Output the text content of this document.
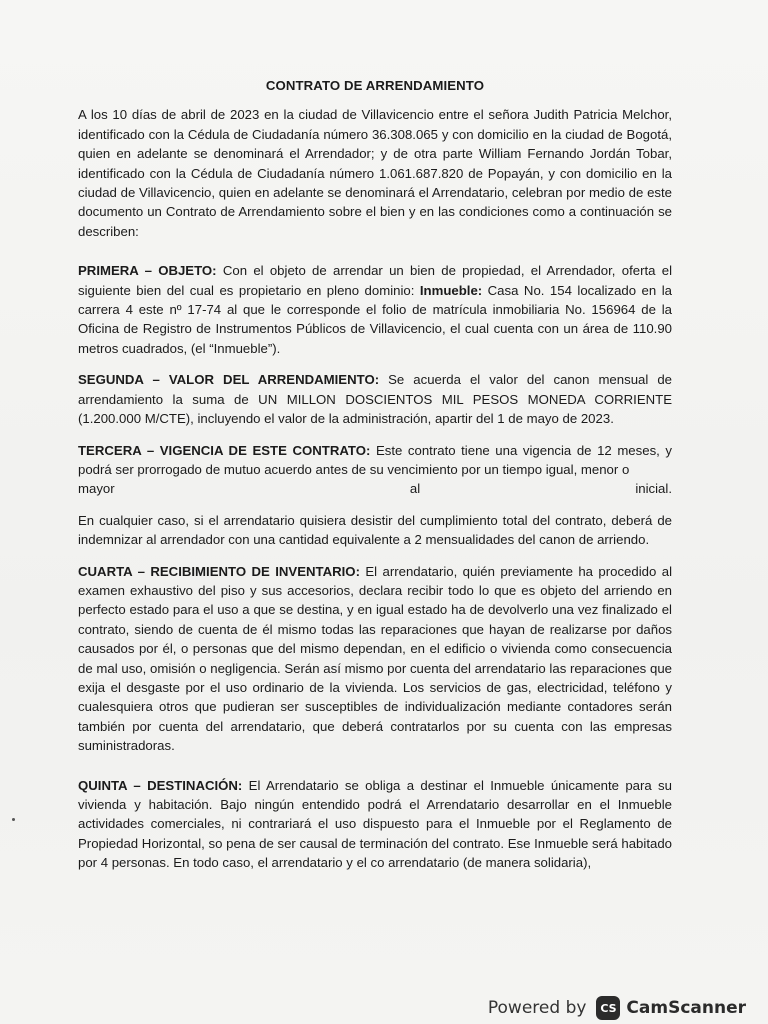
CONTRATO DE ARRENDAMIENTO

A los 10 días de abril de 2023 en la ciudad de Villavicencio entre el señora Judith Patricia Melchor, identificado con la Cédula de Ciudadanía número 36.308.065 y con domicilio en la ciudad de Bogotá, quien en adelante se denominará el Arrendador; y de otra parte William Fernando Jordán Tobar, identificado con la Cédula de Ciudadanía número 1.061.687.820 de Popayán, y con domicilio en la ciudad de Villavicencio, quien en adelante se denominará el Arrendatario, celebran por medio de este documento un Contrato de Arrendamiento sobre el bien y en las condiciones como a continuación se describen:

PRIMERA – OBJETO: Con el objeto de arrendar un bien de propiedad, el Arrendador, oferta el siguiente bien del cual es propietario en pleno dominio: Inmueble: Casa No. 154 localizado en la carrera 4 este nº 17-74 al que le corresponde el folio de matrícula inmobiliaria No. 156964 de la Oficina de Registro de Instrumentos Públicos de Villavicencio, el cual cuenta con un área de 110.90 metros cuadrados, (el “Inmueble”).

SEGUNDA – VALOR DEL ARRENDAMIENTO: Se acuerda el valor del canon mensual de arrendamiento la suma de UN MILLON DOSCIENTOS MIL PESOS MONEDA CORRIENTE (1.200.000 M/CTE), incluyendo el valor de la administración, apartir del 1 de mayo de 2023.

TERCERA – VIGENCIA DE ESTE CONTRATO: Este contrato tiene una vigencia de 12 meses, y podrá ser prorrogado de mutuo acuerdo antes de su vencimiento por un tiempo igual, menor o

mayor	al	inicial.

En cualquier caso, si el arrendatario quisiera desistir del cumplimiento total del contrato, deberá de indemnizar al arrendador con una cantidad equivalente a 2 mensualidades del canon de arriendo.

CUARTA – RECIBIMIENTO DE INVENTARIO: El arrendatario, quién previamente ha procedido al examen exhaustivo del piso y sus accesorios, declara recibir todo lo que es objeto del arriendo en perfecto estado para el uso a que se destina, y en igual estado ha de devolverlo una vez finalizado el contrato, siendo de cuenta de él mismo todas las reparaciones que hayan de realizarse por daños causados por él, o personas que del mismo dependan, en el edificio o vivienda como consecuencia de mal uso, omisión o negligencia. Serán así mismo por cuenta del arrendatario las reparaciones que exija el desgaste por el uso ordinario de la vivienda. Los servicios de gas, electricidad, teléfono y cualesquiera otros que pudieran ser susceptibles de individualización mediante contadores serán también por cuenta del arrendatario, que deberá contratarlos por su cuenta con las empresas suministradoras.

QUINTA – DESTINACIÓN: El Arrendatario se obliga a destinar el Inmueble únicamente para su vivienda y habitación. Bajo ningún entendido podrá el Arrendatario desarrollar en el Inmueble actividades comerciales, ni contrariará el uso dispuesto para el Inmueble por el Reglamento de Propiedad Horizontal, so pena de ser causal de terminación del contrato. Ese Inmueble será habitado por 4 personas. En todo caso, el arrendatario y el co arrendatario (de manera solidaria),

Powered by	CS CamScanner
